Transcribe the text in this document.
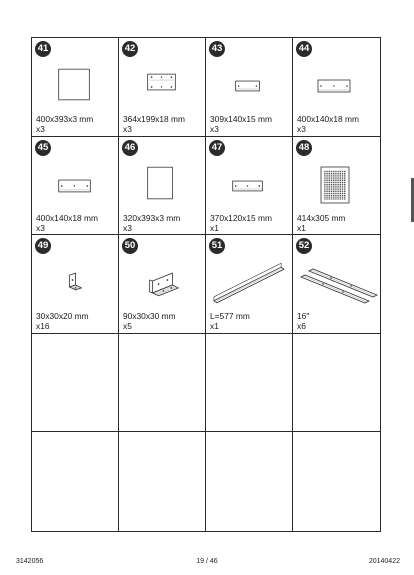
41
400x393x3 mm
x3
42
364x199x18 mm
x3
43
309x140x15 mm
x3
44
400x140x18 mm
x3
45
400x140x18 mm
x3
46
320x393x3 mm
x3
47
370x120x15 mm
x1
48
414x305 mm
x1
49
30x30x20 mm
x16
50
90x30x30 mm
x5
51
L=577 mm
x1
52
16"
x6
3142056	19 / 46	20140422
